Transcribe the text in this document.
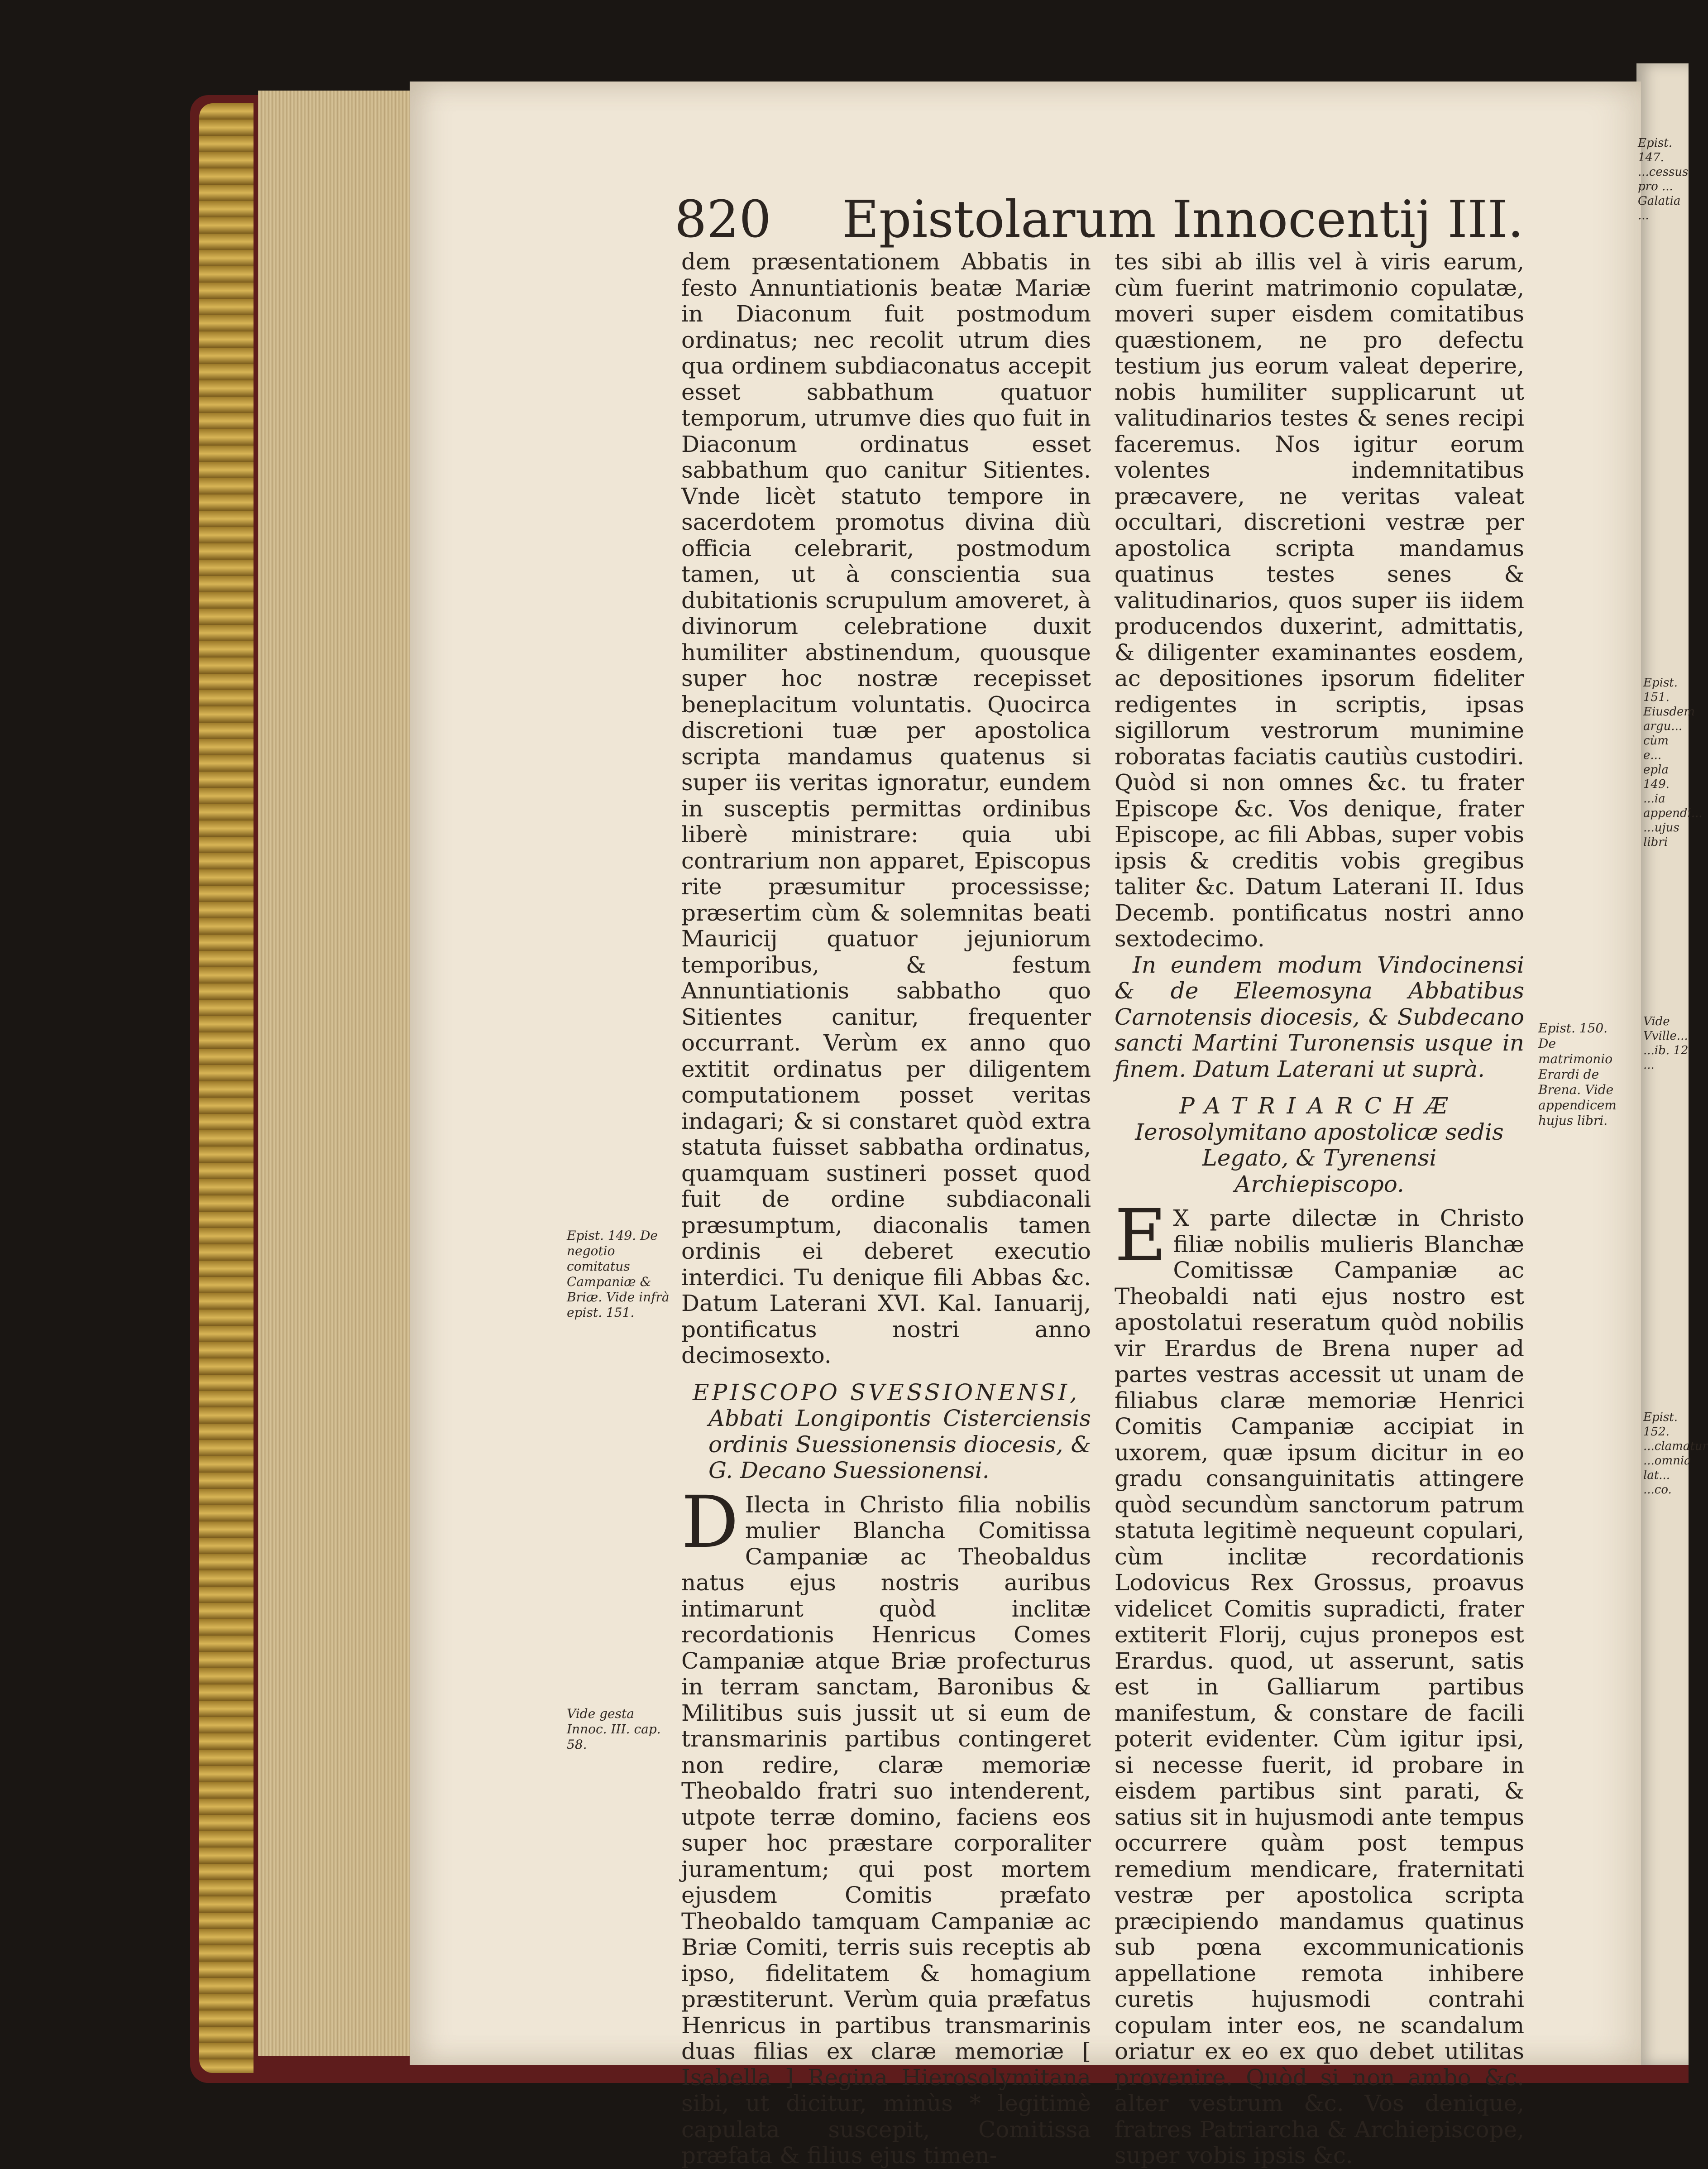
820 Epistolarum Innocentij III.

dem præsentationem Abbatis in festo Annuntiationis beatæ Mariæ in Diaconum fuit postmodum ordinatus; nec recolit utrum dies qua ordinem subdiaconatus accepit esset sabbathum quatuor temporum, utrumve dies quo fuit in Diaconum ordinatus esset sabbathum quo canitur Sitientes. Vnde licèt statuto tempore in sacerdotem promotus divina diù officia celebrarit, postmodum tamen, ut à conscientia sua dubitationis scrupulum amoveret, à divinorum celebratione duxit humiliter abstinendum, quousque super hoc nostræ recepisset beneplacitum voluntatis. Quocirca discretioni tuæ per apostolica scripta mandamus quatenus si super iis veritas ignoratur, eundem in susceptis permittas ordinibus liberè ministrare: quia ubi contrarium non apparet, Episcopus rite præsumitur processisse; præsertim cùm & solemnitas beati Mauricij quatuor jejuniorum temporibus, & festum Annuntiationis sabbatho quo Sitientes canitur, frequenter occurrant. Verùm ex anno quo extitit ordinatus per diligentem computationem posset veritas indagari; & si constaret quòd extra statuta fuisset sabbatha ordinatus, quamquam sustineri posset quod fuit de ordine subdiaconali præsumptum, diaconalis tamen ordinis ei deberet executio interdici. Tu denique fili Abbas &c. Datum Laterani XVI. Kal. Ianuarij, pontificatus nostri anno decimosexto.

EPISCOPO SVESSIONENSI,

Abbati Longipontis Cisterciensis ordinis Suessionensis diocesis, & G. Decano Suessionensi.

D Ilecta in Christo filia nobilis mulier Blancha Comitissa Campaniæ ac Theobaldus natus ejus nostris auribus intimarunt quòd inclitæ recordationis Henricus Comes Campaniæ atque Briæ profecturus in terram sanctam, Baronibus & Militibus suis jussit ut si eum de transmarinis partibus contingeret non redire, claræ memoriæ Theobaldo fratri suo intenderent, utpote terræ domino, faciens eos super hoc præstare corporaliter juramentum; qui post mortem ejusdem Comitis præfato Theobaldo tamquam Campaniæ ac Briæ Comiti, terris suis receptis ab ipso, fidelitatem & homagium præstiterunt. Verùm quia præfatus Henricus in partibus transmarinis duas filias ex claræ memoriæ [ Isabella ] Regina Hierosolymitana sibi, ut dicitur, minùs * legitimè capulata suscepit, Comitissa præfata & filius ejus timen-

tes sibi ab illis vel à viris earum, cùm fuerint matrimonio copulatæ, moveri super eisdem comitatibus quæstionem, ne pro defectu testium jus eorum valeat deperire, nobis humiliter supplicarunt ut valitudinarios testes & senes recipi faceremus. Nos igitur eorum volentes indemnitatibus præcavere, ne veritas valeat occultari, discretioni vestræ per apostolica scripta mandamus quatinus testes senes & valitudinarios, quos super iis iidem producendos duxerint, admittatis, & diligenter examinantes eosdem, ac depositiones ipsorum fideliter redigentes in scriptis, ipsas sigillorum vestrorum munimine roboratas faciatis cautiùs custodiri. Quòd si non omnes &c. tu frater Episcope &c. Vos denique, frater Episcope, ac fili Abbas, super vobis ipsis & creditis vobis gregibus taliter &c. Datum Laterani II. Idus Decemb. pontificatus nostri anno sextodecimo.

In eundem modum Vindocinensi & de Eleemosyna Abbatibus Carnotensis diocesis, & Subdecano sancti Martini Turonensis usque in finem. Datum Laterani ut suprà.

PATRIARCHÆ

Ierosolymitano apostolicæ sedis Legato, & Tyrenensi Archiepiscopo.

E X parte dilectæ in Christo filiæ nobilis mulieris Blanchæ Comitissæ Campaniæ ac Theobaldi nati ejus nostro est apostolatui reseratum quòd nobilis vir Erardus de Brena nuper ad partes vestras accessit ut unam de filiabus claræ memoriæ Henrici Comitis Campaniæ accipiat in uxorem, quæ ipsum dicitur in eo gradu consanguinitatis attingere quòd secundùm sanctorum patrum statuta legitimè nequeunt copulari, cùm inclitæ recordationis Lodovicus Rex Grossus, proavus videlicet Comitis supradicti, frater extiterit Florij, cujus pronepos est Erardus. quod, ut asserunt, satis est in Galliarum partibus manifestum, & constare de facili poterit evidenter. Cùm igitur ipsi, si necesse fuerit, id probare in eisdem partibus sint parati, & satius sit in hujusmodi ante tempus occurrere quàm post tempus remedium mendicare, fraternitati vestræ per apostolica scripta præcipiendo mandamus quatinus sub pœna excommunicationis appellatione remota inhibere curetis hujusmodi contrahi copulam inter eos, ne scandalum oriatur ex eo ex quo debet utilitas provenire. Quòd si non ambo &c. alter vestrum &c. Vos denique, fratres Patriarcha & Archiepiscope, super vobis ipsis &c.

Epist. 149. De negotio comitatus Campaniæ & Briæ. Vide infrà epist. 151.
Vide gesta Innoc. III. cap. 58.
Epist. 150. De matrimonio Erardi de Brena. Vide appendicem hujus libri.
Epist. 151. Eiusdem argu... cùm e... epla 149. ...ia appendi... ...ujus libri
Vide Vville... ...ib. 12 ...
Epist. 152. ...clamatur ...omnia lat... ...co.
Epist. 147. ...cessus pro ... Galatia ...
